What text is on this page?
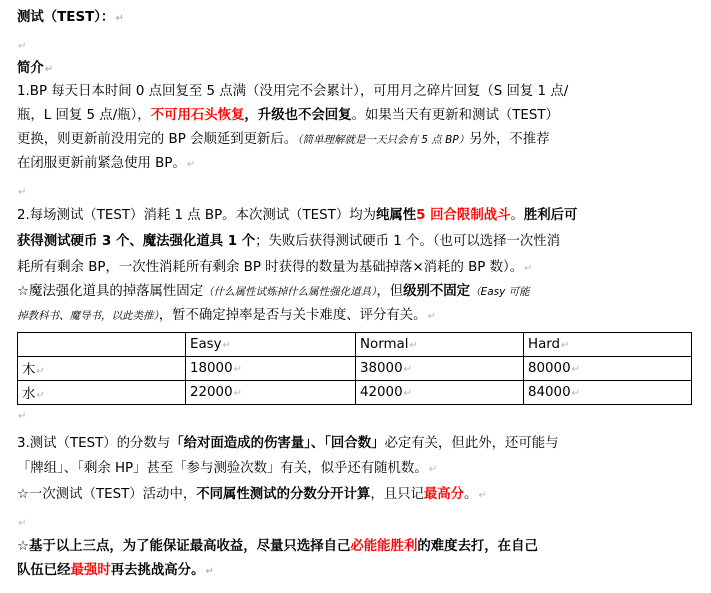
测试（TEST）：↵
↵
简介↵
1.BP 每天日本时间 0 点回复至 5 点满（没用完不会累计），可用月之碎片回复（S 回复 1 点/
瓶，L 回复 5 点/瓶），不可用石头恢复，升级也不会回复。如果当天有更新和测试（TEST）
更换，则更新前没用完的 BP 会顺延到更新后。（简单理解就是一天只会有 5 点 BP）另外，不推荐
在闭服更新前紧急使用 BP。↵
↵
2.每场测试（TEST）消耗 1 点 BP。本次测试（TEST）均为纯属性5 回合限制战斗。胜利后可
获得测试硬币 3 个、魔法强化道具 1 个；失败后获得测试硬币 1 个。（也可以选择一次性消
耗所有剩余 BP，一次性消耗所有剩余 BP 时获得的数量为基础掉落×消耗的 BP 数）。↵
☆魔法强化道具的掉落属性固定（什么属性试炼掉什么属性强化道具），但级别不固定（Easy 可能
掉教科书、魔导书，以此类推），暂不确定掉率是否与关卡难度、评分有关。↵
	Easy↵	Normal↵	Hard↵
木↵	18000↵	38000↵	80000↵
水↵	22000↵	42000↵	84000↵
↵
3.测试（TEST）的分数与「给对面造成的伤害量」、「回合数」必定有关，但此外，还可能与
「牌组」、「剩余 HP」甚至「参与测验次数」有关，似乎还有随机数。↵
☆一次测试（TEST）活动中，不同属性测试的分数分开计算，且只记最高分。↵
↵
☆基于以上三点，为了能保证最高收益，尽量只选择自己必能能胜利的难度去打，在自己
队伍已经最强时再去挑战高分。↵
